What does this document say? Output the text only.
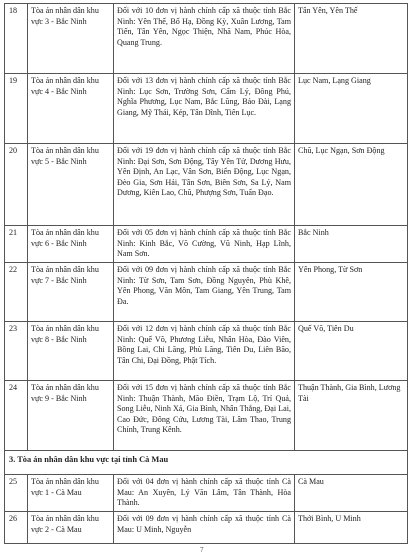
18	Tòa án nhân dân khu vực 3 - Bắc Ninh	Đối với 10 đơn vị hành chính cấp xã thuộc tỉnh Bắc Ninh: Yên Thế, Bố Hạ, Đồng Kỳ, Xuân Lương, Tam Tiến, Tân Yên, Ngọc Thiện, Nhã Nam, Phúc Hòa, Quang Trung.	Tân Yên, Yên Thế
19	Tòa án nhân dân khu vực 4 - Bắc Ninh	Đối với 13 đơn vị hành chính cấp xã thuộc tỉnh Bắc Ninh: Lục Sơn, Trường Sơn, Cẩm Lý, Đông Phú, Nghĩa Phương, Lục Nam, Bắc Lũng, Bảo Đài, Lạng Giang, Mỹ Thái, Kép, Tân Dĩnh, Tiên Lục.	Lục Nam, Lạng Giang
20	Tòa án nhân dân khu vực 5 - Bắc Ninh	Đối với 19 đơn vị hành chính cấp xã thuộc tỉnh Bắc Ninh: Đại Sơn, Sơn Động, Tây Yên Tử, Dương Hưu, Yên Định, An Lạc, Vân Sơn, Biển Động, Lục Ngạn, Đèo Gia, Sơn Hải, Tân Sơn, Biên Sơn, Sa Lý, Nam Dương, Kiên Lao, Chũ, Phượng Sơn, Tuấn Đạo.	Chũ, Lục Ngạn, Sơn Động
21	Tòa án nhân dân khu vực 6 - Bắc Ninh	Đối với 05 đơn vị hành chính cấp xã thuộc tỉnh Bắc Ninh: Kinh Bắc, Võ Cường, Vũ Ninh, Hạp Lĩnh, Nam Sơn.	Bắc Ninh
22	Tòa án nhân dân khu vực 7 - Bắc Ninh	Đối với 09 đơn vị hành chính cấp xã thuộc tỉnh Bắc Ninh: Từ Sơn, Tam Sơn, Đồng Nguyên, Phù Khê, Yên Phong, Văn Môn, Tam Giang, Yên Trung, Tam Đa.	Yên Phong, Từ Sơn
23	Tòa án nhân dân khu vực 8 - Bắc Ninh	Đối với 12 đơn vị hành chính cấp xã thuộc tỉnh Bắc Ninh: Quế Võ, Phương Liễu, Nhân Hòa, Đào Viên, Bồng Lai, Chi Lăng, Phù Lãng, Tiên Du, Liên Bão, Tân Chi, Đại Đồng, Phật Tích.	Quế Võ, Tiên Du
24	Tòa án nhân dân khu vực 9 - Bắc Ninh	Đối với 15 đơn vị hành chính cấp xã thuộc tỉnh Bắc Ninh: Thuận Thành, Mão Điền, Trạm Lộ, Trí Quả, Song Liễu, Ninh Xá, Gia Bình, Nhân Thắng, Đại Lai, Cao Đức, Đông Cứu, Lương Tài, Lâm Thao, Trung Chính, Trung Kênh.	Thuận Thành, Gia Bình, Lương Tài
3. Tòa án nhân dân khu vực tại tỉnh Cà Mau			
25	Tòa án nhân dân khu vực 1 - Cà Mau	Đối với 04 đơn vị hành chính cấp xã thuộc tỉnh Cà Mau: An Xuyên, Lý Văn Lâm, Tân Thành, Hòa Thành.	Cà Mau
26	Tòa án nhân dân khu vực 2 - Cà Mau	Đối với 09 đơn vị hành chính cấp xã thuộc tỉnh Cà Mau: U Minh, Nguyễn	Thới Bình, U Minh
7
